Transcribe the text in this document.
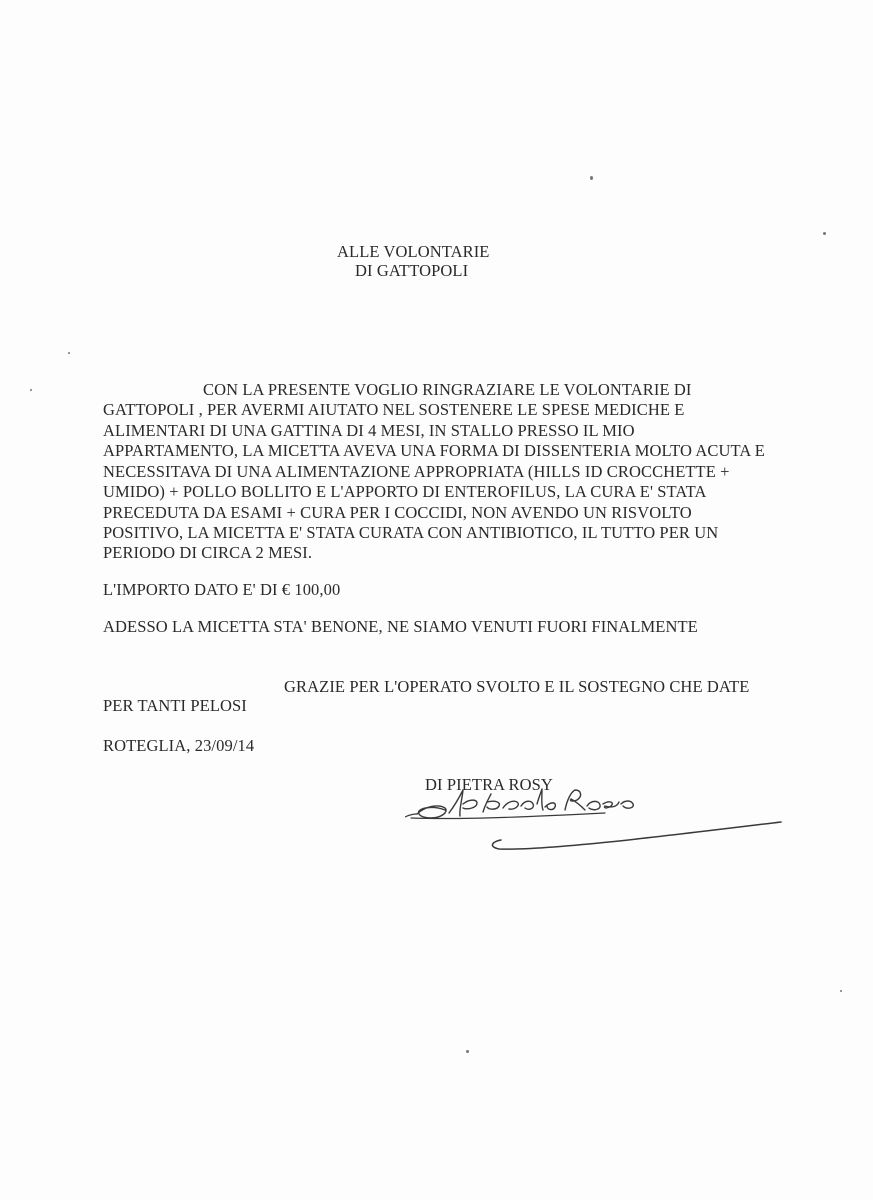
ALLE VOLONTARIE
DI GATTOPOLI
CON LA PRESENTE VOGLIO RINGRAZIARE LE VOLONTARIE DI
GATTOPOLI , PER AVERMI AIUTATO NEL SOSTENERE LE SPESE MEDICHE E
ALIMENTARI DI UNA GATTINA DI 4 MESI, IN STALLO PRESSO IL MIO
APPARTAMENTO, LA MICETTA AVEVA UNA FORMA DI DISSENTERIA MOLTO ACUTA E
NECESSITAVA DI UNA ALIMENTAZIONE APPROPRIATA (HILLS ID CROCCHETTE +
UMIDO) + POLLO BOLLITO E L'APPORTO DI ENTEROFILUS, LA CURA E' STATA
PRECEDUTA DA ESAMI + CURA PER I COCCIDI, NON AVENDO UN RISVOLTO
POSITIVO, LA MICETTA E' STATA CURATA CON ANTIBIOTICO, IL TUTTO PER UN
PERIODO DI CIRCA 2 MESI.
L'IMPORTO DATO E' DI € 100,00
ADESSO LA MICETTA STA' BENONE, NE SIAMO VENUTI FUORI FINALMENTE
GRAZIE PER L'OPERATO SVOLTO E IL SOSTEGNO CHE DATE
PER TANTI PELOSI
ROTEGLIA, 23/09/14
DI PIETRA ROSY
